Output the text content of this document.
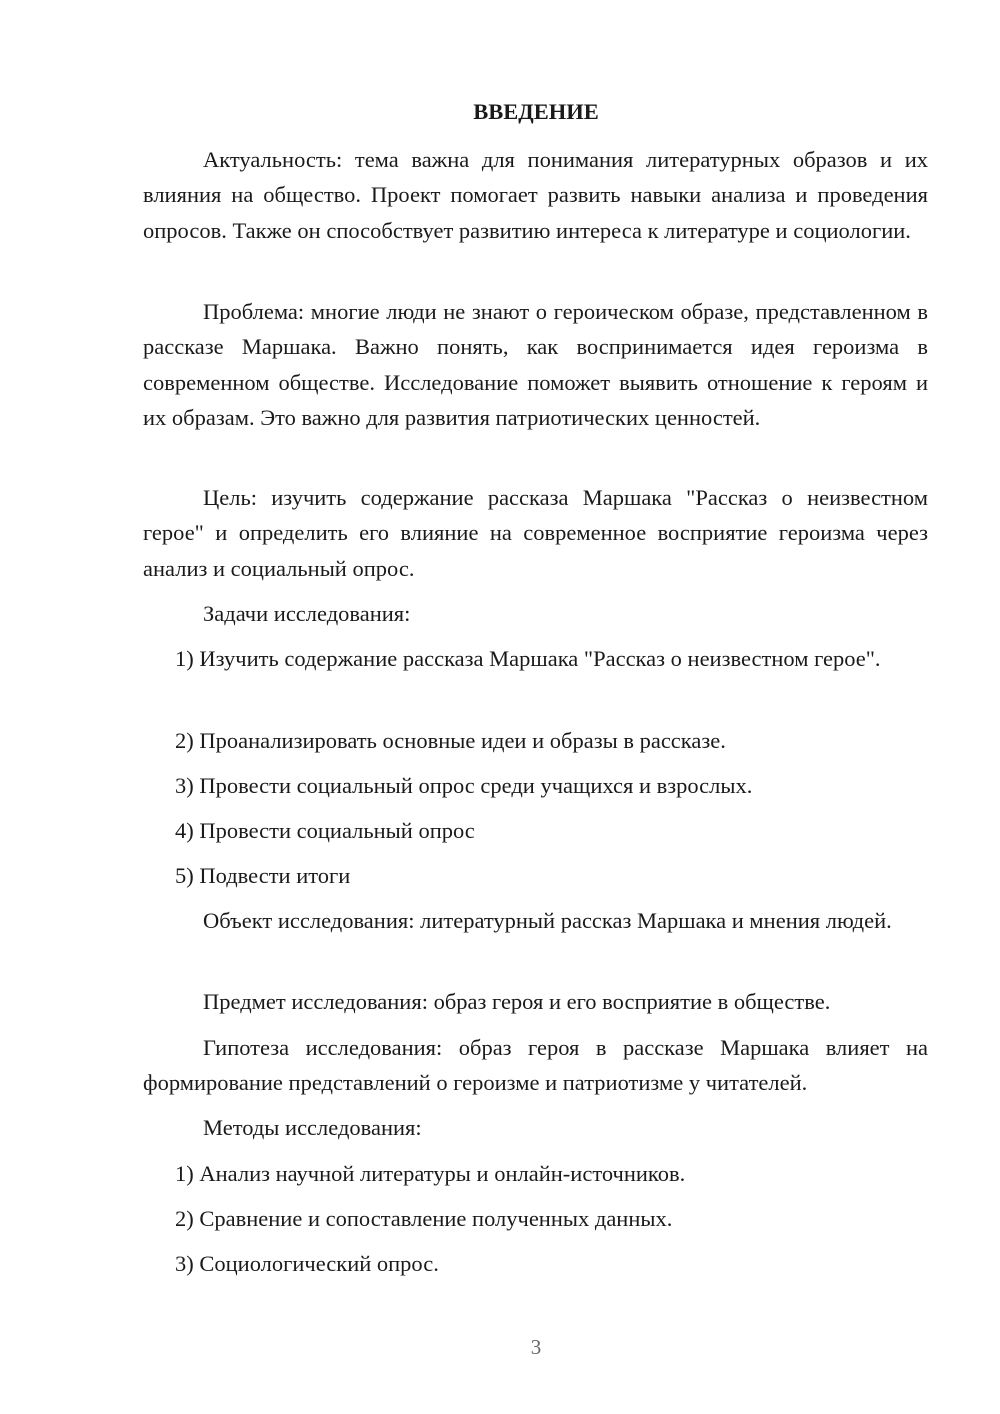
ВВЕДЕНИЕ

Актуальность: тема важна для понимания литературных образов и их влияния на общество. Проект помогает развить навыки анализа и проведения опросов. Также он способствует развитию интереса к литературе и социологии.

Проблема: многие люди не знают о героическом образе, представленном в рассказе Маршака. Важно понять, как воспринимается идея героизма в современном обществе. Исследование поможет выявить отношение к героям и их образам. Это важно для развития патриотических ценностей.

Цель: изучить содержание рассказа Маршака "Рассказ о неизвестном герое" и определить его влияние на современное восприятие героизма через анализ и социальный опрос.

Задачи исследования:

1) Изучить содержание рассказа Маршака "Рассказ о неизвестном герое".

2) Проанализировать основные идеи и образы в рассказе.

3) Провести социальный опрос среди учащихся и взрослых.

4) Провести социальный опрос

5) Подвести итоги

Объект исследования: литературный рассказ Маршака и мнения людей.

Предмет исследования: образ героя и его восприятие в обществе.

Гипотеза исследования: образ героя в рассказе Маршака влияет на формирование представлений о героизме и патриотизме у читателей.

Методы исследования:

1) Анализ научной литературы и онлайн-источников.

2) Сравнение и сопоставление полученных данных.

3) Социологический опрос.

3
